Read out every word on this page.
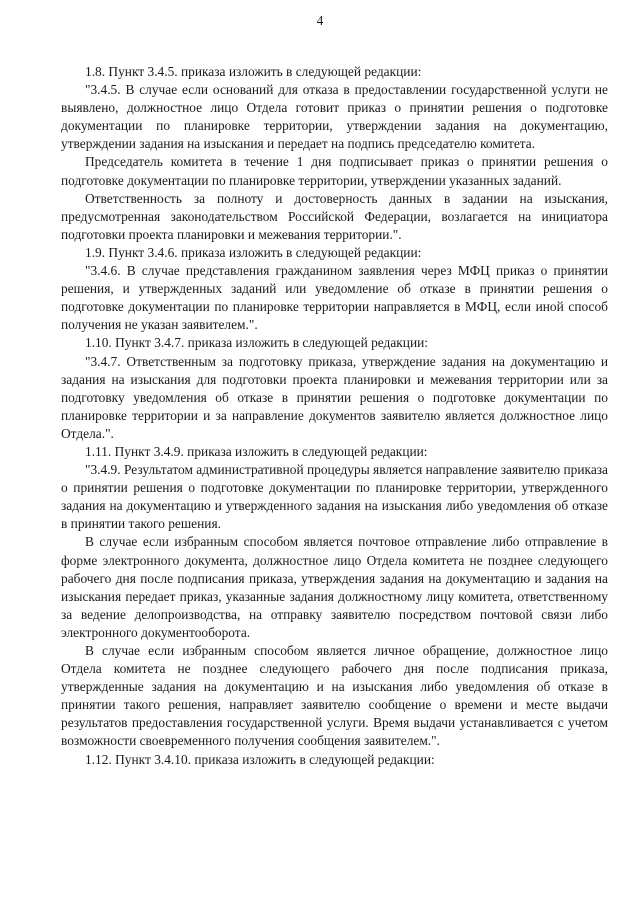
4

1.8. Пункт 3.4.5. приказа изложить в следующей редакции:

"3.4.5. В случае если оснований для отказа в предоставлении государственной услуги не выявлено, должностное лицо Отдела готовит приказ о принятии решения о подготовке документации по планировке территории, утверждении задания на документацию, утверждении задания на изыскания и передает на подпись председателю комитета.

Председатель комитета в течение 1 дня подписывает приказ о принятии решения о подготовке документации по планировке территории, утверждении указанных заданий.

Ответственность за полноту и достоверность данных в задании на изыскания, предусмотренная законодательством Российской Федерации, возлагается на инициатора подготовки проекта планировки и межевания территории.".

1.9. Пункт 3.4.6. приказа изложить в следующей редакции:

"3.4.6. В случае представления гражданином заявления через МФЦ приказ о принятии решения, и утвержденных заданий или уведомление об отказе в принятии решения о подготовке документации по планировке территории направляется в МФЦ, если иной способ получения не указан заявителем.".

1.10. Пункт 3.4.7. приказа изложить в следующей редакции:

"3.4.7. Ответственным за подготовку приказа, утверждение задания на документацию и задания на изыскания для подготовки проекта планировки и межевания территории или за подготовку уведомления об отказе в принятии решения о подготовке документации по планировке территории и за направление документов заявителю является должностное лицо Отдела.".

1.11. Пункт 3.4.9. приказа изложить в следующей редакции:

"3.4.9. Результатом административной процедуры является направление заявителю приказа о принятии решения о подготовке документации по планировке территории, утвержденного задания на документацию и утвержденного задания на изыскания либо уведомления об отказе в принятии такого решения.

В случае если избранным способом является почтовое отправление либо отправление в форме электронного документа, должностное лицо Отдела комитета не позднее следующего рабочего дня после подписания приказа, утверждения задания на документацию и задания на изыскания передает приказ, указанные задания должностному лицу комитета, ответственному за ведение делопроизводства, на отправку заявителю посредством почтовой связи либо электронного документооборота.

В случае если избранным способом является личное обращение, должностное лицо Отдела комитета не позднее следующего рабочего дня после подписания приказа, утвержденные задания на документацию и на изыскания либо уведомления об отказе в принятии такого решения, направляет заявителю сообщение о времени и месте выдачи результатов предоставления государственной услуги. Время выдачи устанавливается с учетом возможности своевременного получения сообщения заявителем.".

1.12. Пункт 3.4.10. приказа изложить в следующей редакции:
